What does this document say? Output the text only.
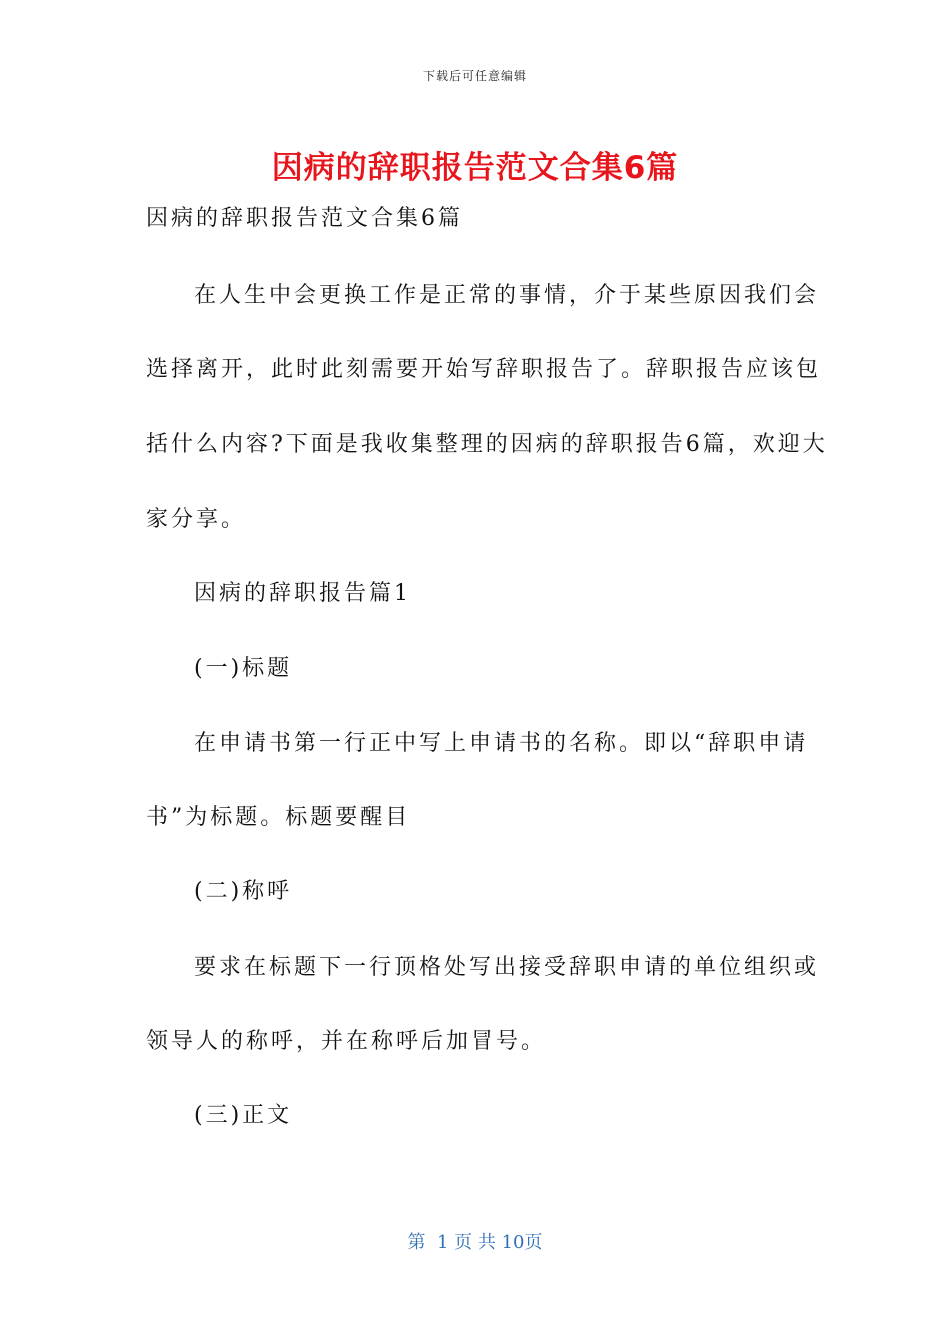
下载后可任意编辑
因病的辞职报告范文合集6篇
因病的辞职报告范文合集6篇
在人生中会更换工作是正常的事情，介于某些原因我们会
选择离开，此时此刻需要开始写辞职报告了。辞职报告应该包
括什么内容?下面是我收集整理的因病的辞职报告6篇，欢迎大
家分享。
因病的辞职报告篇1
(一)标题
在申请书第一行正中写上申请书的名称。即以“辞职申请
书”为标题。标题要醒目
(二)称呼
要求在标题下一行顶格处写出接受辞职申请的单位组织或
领导人的称呼，并在称呼后加冒号。
(三)正文
第  1 页 共 10页
